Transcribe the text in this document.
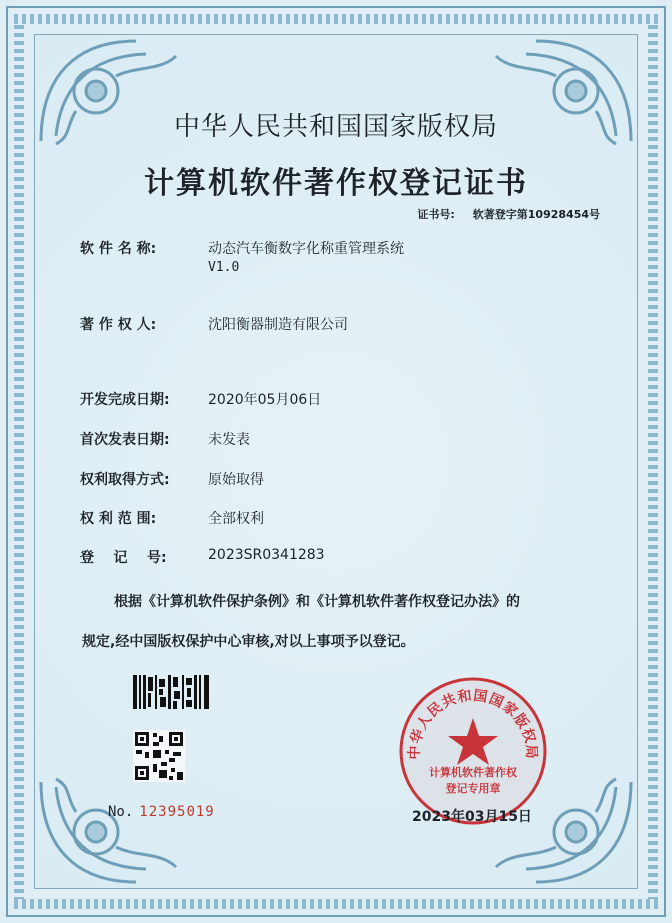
中华人民共和国国家版权局
计算机软件著作权登记证书
证书号: 软著登字第10928454号
软 件 名 称:	动态汽车衡数字化称重管理系统
V1.0
著 作 权 人:	沈阳衡器制造有限公司
开发完成日期:	2020年05月06日
首次发表日期:	未发表
权利取得方式:	原始取得
权 利 范 围:	全部权利
登    记    号:	2023SR0341283
根据《计算机软件保护条例》和《计算机软件著作权登记办法》的
规定,经中国版权保护中心审核,对以上事项予以登记。
No. 12395019
中华人民共和国国家版权局
计算机软件著作权
登记专用章
2023年03月15日
